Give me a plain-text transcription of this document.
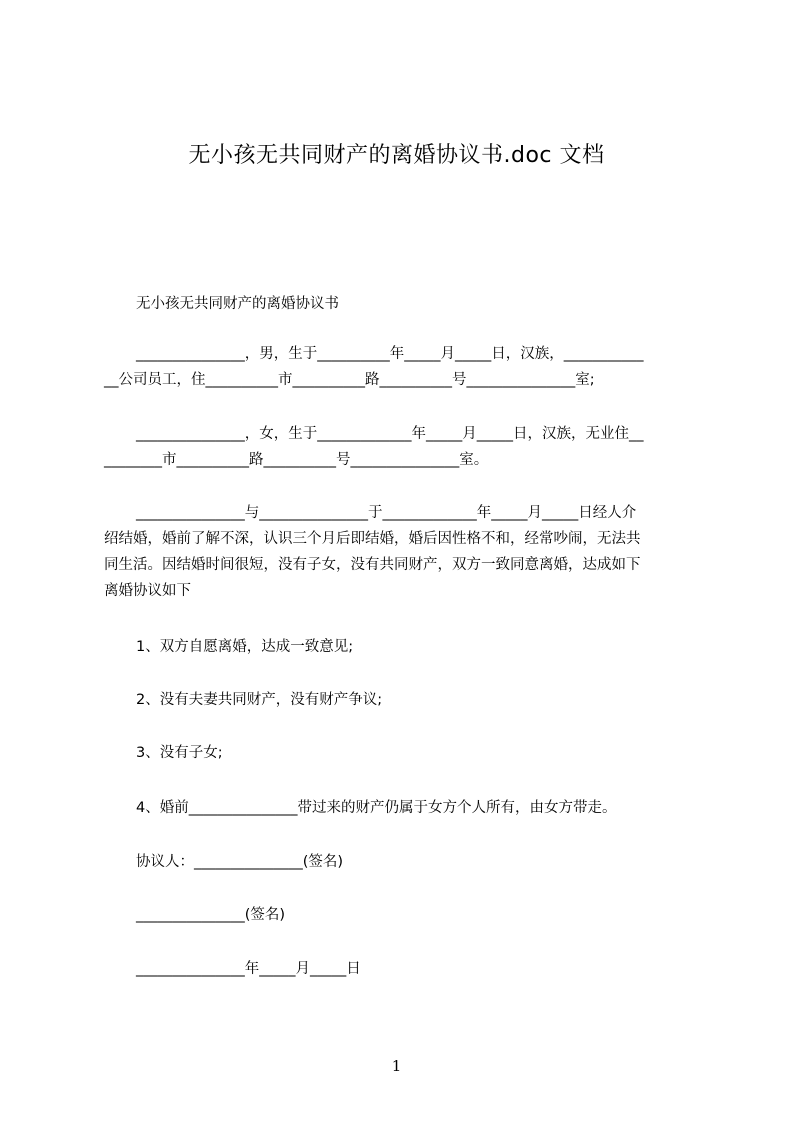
无小孩无共同财产的离婚协议书.doc 文档
无小孩无共同财产的离婚协议书
_______________，男，生于__________年_____月_____日，汉族，___________
__公司员工，住__________市__________路__________号_______________室;
_______________，女，生于_____________年_____月_____日，汉族，无业住__
________市__________路__________号_______________室。
_______________与_______________于_____________年_____月_____日经人介
绍结婚，婚前了解不深，认识三个月后即结婚，婚后因性格不和，经常吵闹，无法共
同生活。因结婚时间很短，没有子女，没有共同财产，双方一致同意离婚，达成如下
离婚协议如下
1、双方自愿离婚，达成一致意见;
2、没有夫妻共同财产，没有财产争议;
3、没有子女;
4、婚前_______________带过来的财产仍属于女方个人所有，由女方带走。
协议人：_______________(签名)
_______________(签名)
_______________年_____月_____日
1
